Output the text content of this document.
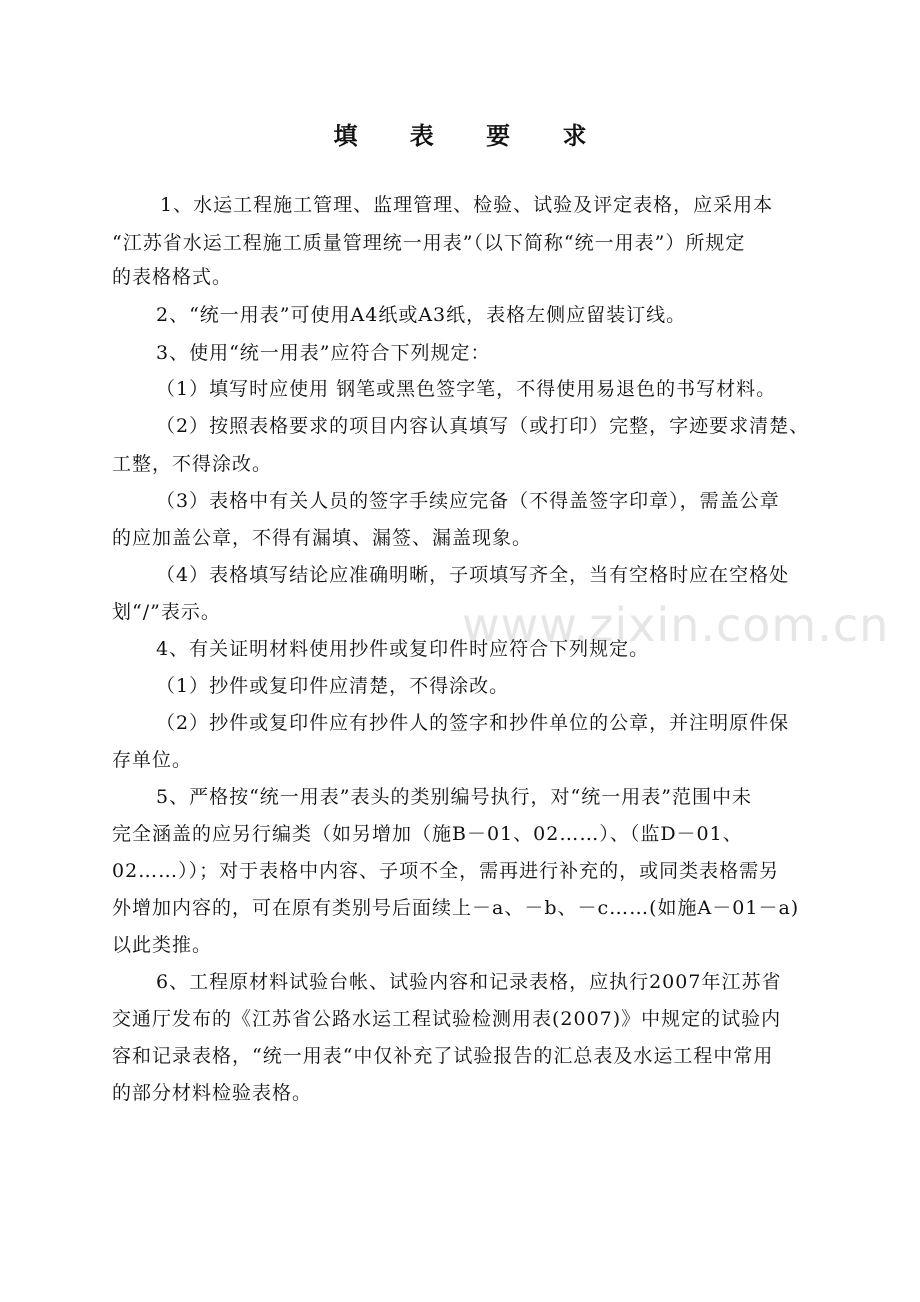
www.zixin.com.cn
填 表 要 求
1、水运工程施工管理、监理管理、检验、试验及评定表格，应采用本
“江苏省水运工程施工质量管理统一用表”（以下简称“统一用表”）所规定
的表格格式。
2、“统一用表”可使用A4纸或A3纸，表格左侧应留装订线。
3、使用“统一用表”应符合下列规定：
（1）填写时应使用 钢笔或黑色签字笔，不得使用易退色的书写材料。
（2）按照表格要求的项目内容认真填写（或打印）完整，字迹要求清楚、
工整，不得涂改。
（3）表格中有关人员的签字手续应完备（不得盖签字印章），需盖公章
的应加盖公章，不得有漏填、漏签、漏盖现象。
（4）表格填写结论应准确明晰，子项填写齐全，当有空格时应在空格处
划“/”表示。
4、有关证明材料使用抄件或复印件时应符合下列规定。
（1）抄件或复印件应清楚，不得涂改。
（2）抄件或复印件应有抄件人的签字和抄件单位的公章，并注明原件保
存单位。
5、严格按“统一用表”表头的类别编号执行，对“统一用表”范围中未
完全涵盖的应另行编类（如另增加（施B－01、02……）、（监D－01、
02……））；对于表格中内容、子项不全，需再进行补充的，或同类表格需另
外增加内容的，可在原有类别号后面续上－a、－b、－c……(如施A－01－a)
以此类推。
6、工程原材料试验台帐、试验内容和记录表格，应执行2007年江苏省
交通厅发布的《江苏省公路水运工程试验检测用表(2007)》中规定的试验内
容和记录表格，“统一用表“中仅补充了试验报告的汇总表及水运工程中常用
的部分材料检验表格。
